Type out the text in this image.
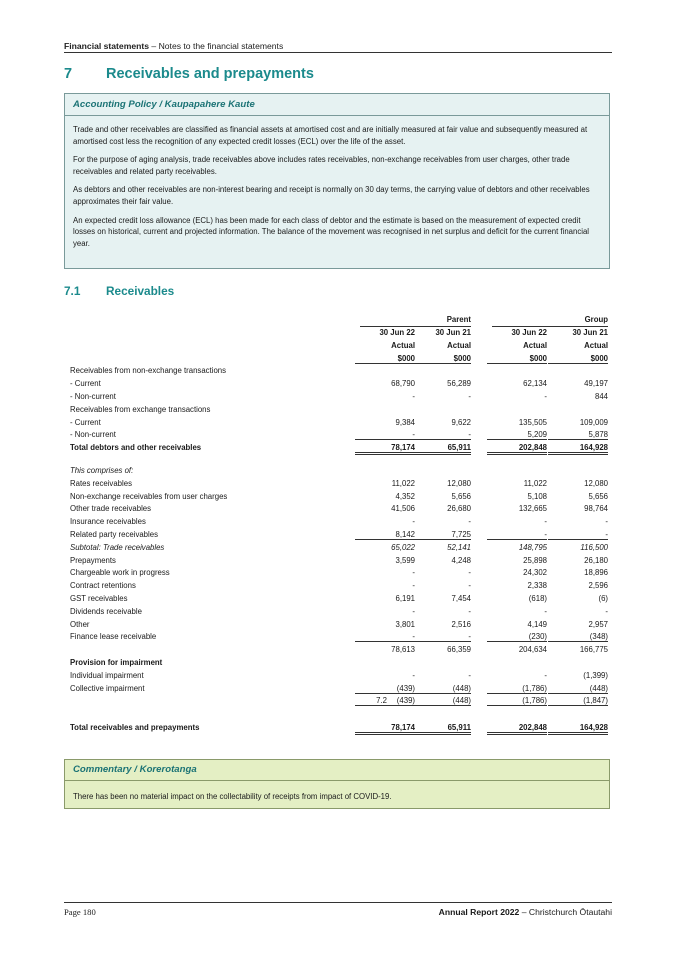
Financial statements – Notes to the financial statements
7 Receivables and prepayments
Accounting Policy / Kaupapahere Kaute

Trade and other receivables are classified as financial assets at amortised cost and are initially measured at fair value and subsequently measured at amortised cost less the recognition of any expected credit losses (ECL) over the life of the asset.

For the purpose of aging analysis, trade receivables above includes rates receivables, non-exchange receivables from user charges, other trade receivables and related party receivables.

As debtors and other receivables are non-interest bearing and receipt is normally on 30 day terms, the carrying value of debtors and other receivables approximates their fair value.

An expected credit loss allowance (ECL) has been made for each class of debtor and the estimate is based on the measurement of expected credit losses on historical, current and projected information. The balance of the movement was recognised in net surplus and deficit for the current financial year.

7.1 Receivables
Parent	Group
30 Jun 22	30 Jun 21	30 Jun 22	30 Jun 21
Actual	Actual	Actual	Actual
$000	$000	$000	$000
Receivables from non-exchange transactions
- Current	68,790	56,289	62,134	49,197
- Non-current	-	-	-	844
Receivables from exchange transactions
- Current	9,384	9,622	135,505	109,009
- Non-current	-	-	5,209	5,878
Total debtors and other receivables	78,174	65,911	202,848	164,928
This comprises of:
Rates receivables	11,022	12,080	11,022	12,080
Non-exchange receivables from user charges	4,352	5,656	5,108	5,656
Other trade receivables	41,506	26,680	132,665	98,764
Insurance receivables	-	-	-	-
Related party receivables	8,142	7,725	-	-
Subtotal: Trade receivables	65,022	52,141	148,795	116,500
Prepayments	3,599	4,248	25,898	26,180
Chargeable work in progress	-	-	24,302	18,896
Contract retentions	-	-	2,338	2,596
GST receivables	6,191	7,454	(618)	(6)
Dividends receivable	-	-	-	-
Other	3,801	2,516	4,149	2,957
Finance lease receivable	-	-	(230)	(348)
78,613	66,359	204,634	166,775
Provision for impairment
Individual impairment	-	-	-	(1,399)
Collective impairment	(439)	(448)	(1,786)	(448)
7.2	(439)	(448)	(1,786)	(1,847)
Total receivables and prepayments	78,174	65,911	202,848	164,928
Commentary / Korerotanga

There has been no material impact on the collectability of receipts from impact of COVID-19.

Page 180	Annual Report 2022 – Christchurch Ōtautahi
